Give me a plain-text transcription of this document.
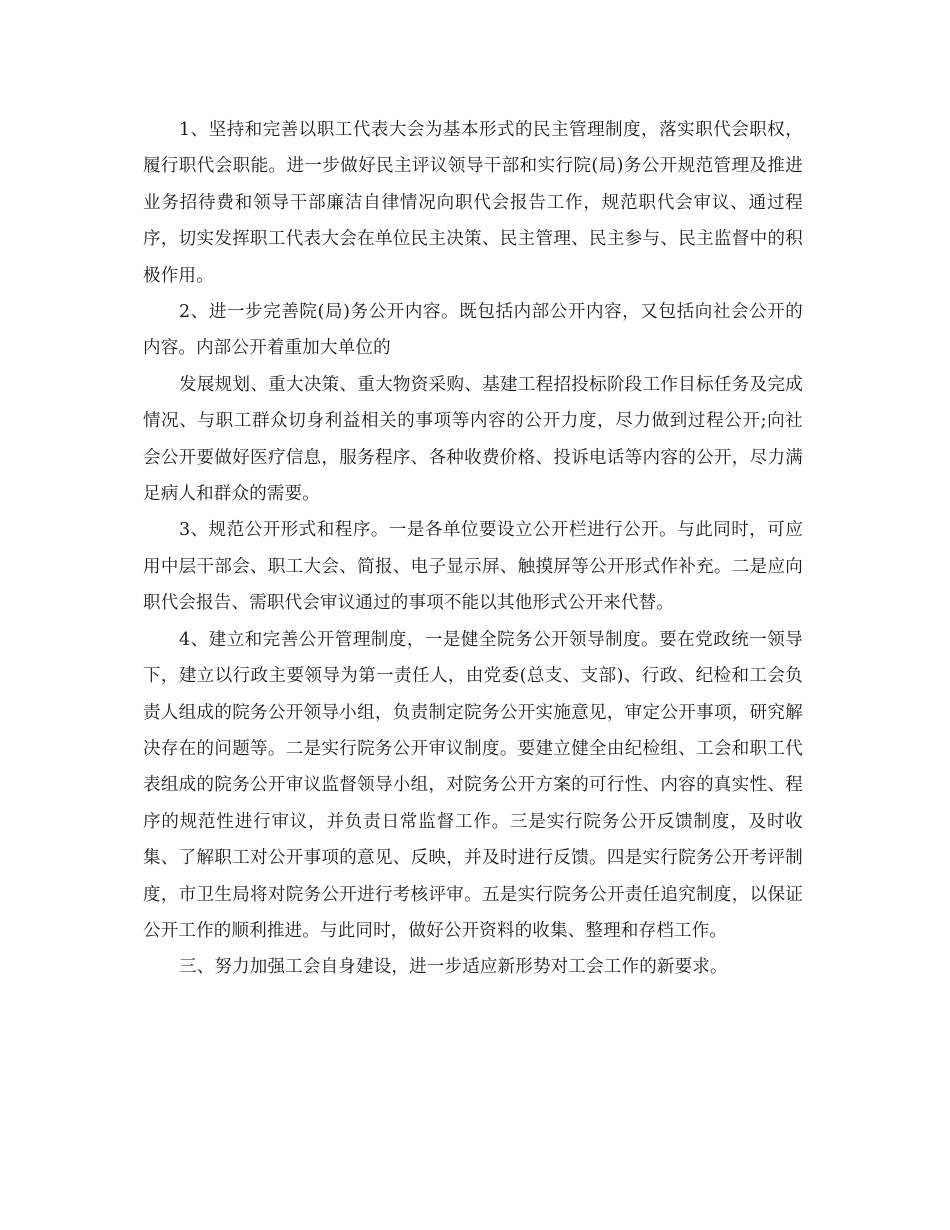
1、坚持和完善以职工代表大会为基本形式的民主管理制度，落实职代会职权，履行职代会职能。进一步做好民主评议领导干部和实行院(局)务公开规范管理及推进业务招待费和领导干部廉洁自律情况向职代会报告工作，规范职代会审议、通过程序，切实发挥职工代表大会在单位民主决策、民主管理、民主参与、民主监督中的积极作用。

2、进一步完善院(局)务公开内容。既包括内部公开内容，又包括向社会公开的内容。内部公开着重加大单位的

发展规划、重大决策、重大物资采购、基建工程招投标阶段工作目标任务及完成情况、与职工群众切身利益相关的事项等内容的公开力度，尽力做到过程公开;向社会公开要做好医疗信息，服务程序、各种收费价格、投诉电话等内容的公开，尽力满足病人和群众的需要。

3、规范公开形式和程序。一是各单位要设立公开栏进行公开。与此同时，可应用中层干部会、职工大会、简报、电子显示屏、触摸屏等公开形式作补充。二是应向职代会报告、需职代会审议通过的事项不能以其他形式公开来代替。

4、建立和完善公开管理制度，一是健全院务公开领导制度。要在党政统一领导下，建立以行政主要领导为第一责任人，由党委(总支、支部)、行政、纪检和工会负责人组成的院务公开领导小组，负责制定院务公开实施意见，审定公开事项，研究解决存在的问题等。二是实行院务公开审议制度。要建立健全由纪检组、工会和职工代表组成的院务公开审议监督领导小组，对院务公开方案的可行性、内容的真实性、程序的规范性进行审议，并负责日常监督工作。三是实行院务公开反馈制度，及时收集、了解职工对公开事项的意见、反映，并及时进行反馈。四是实行院务公开考评制度，市卫生局将对院务公开进行考核评审。五是实行院务公开责任追究制度，以保证公开工作的顺利推进。与此同时，做好公开资料的收集、整理和存档工作。

三、努力加强工会自身建设，进一步适应新形势对工会工作的新要求。
